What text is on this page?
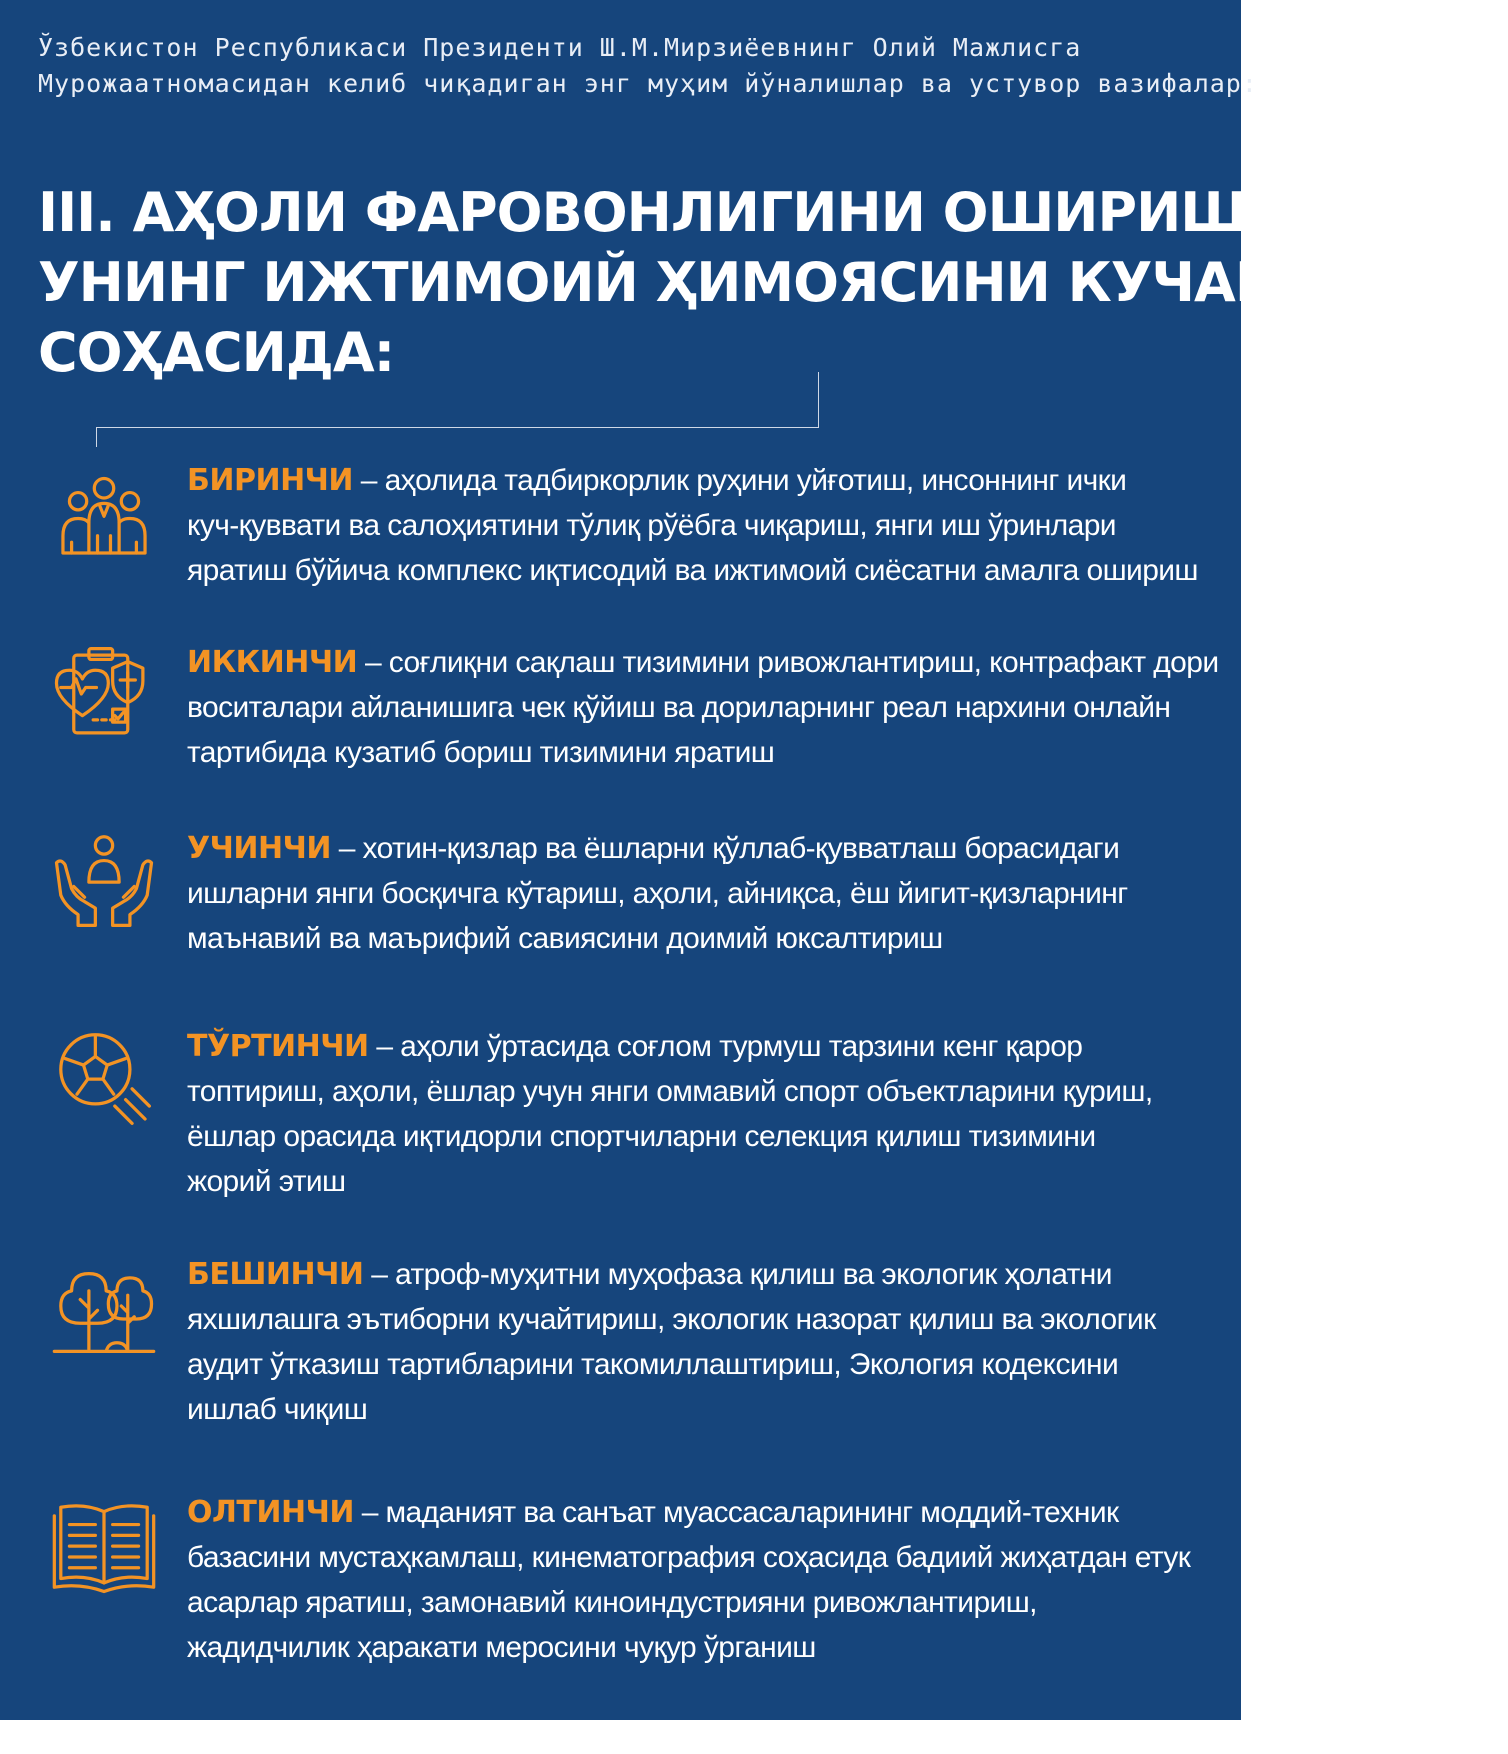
Ўзбекистон Республикаси Президенти Ш.М.Мирзиёевнинг Олий Мажлисга
Мурожаатномасидан келиб чиқадиган энг муҳим йўналишлар ва устувор вазифалар:
III. АҲОЛИ ФАРОВОНЛИГИНИ ОШИРИШ ВА
УНИНГ ИЖТИМОИЙ ҲИМОЯСИНИ КУЧАЙТИРИШ
СОҲАСИДА:
БИРИНЧИ – аҳолида тадбиркорлик руҳини уйғотиш, инсоннинг ички
куч-қуввати ва салоҳиятини тўлиқ рўёбга чиқариш, янги иш ўринлари
яратиш бўйича комплекс иқтисодий ва ижтимоий сиёсатни амалга ошириш
ИККИНЧИ – соғлиқни сақлаш тизимини ривожлантириш, контрафакт дори
воситалари айланишига чек қўйиш ва дориларнинг реал нархини онлайн
тартибида кузатиб бориш тизимини яратиш
УЧИНЧИ – хотин-қизлар ва ёшларни қўллаб-қувватлаш борасидаги
ишларни янги босқичга кўтариш, аҳоли, айниқса, ёш йигит-қизларнинг
маънавий ва маърифий савиясини доимий юксалтириш
ТЎРТИНЧИ – аҳоли ўртасида соғлом турмуш тарзини кенг қарор
топтириш, аҳоли, ёшлар учун янги оммавий спорт объектларини қуриш,
ёшлар орасида иқтидорли спортчиларни селекция қилиш тизимини
жорий этиш
БЕШИНЧИ – атроф-муҳитни муҳофаза қилиш ва экологик ҳолатни
яхшилашга эътиборни кучайтириш, экологик назорат қилиш ва экологик
аудит ўтказиш тартибларини такомиллаштириш, Экология кодексини
ишлаб чиқиш
ОЛТИНЧИ – маданият ва санъат муассасаларининг моддий-техник
базасини мустаҳкамлаш, кинематография соҳасида бадиий жиҳатдан етук
асарлар яратиш, замонавий киноиндустрияни ривожлантириш,
жадидчилик ҳаракати меросини чуқур ўрганиш
